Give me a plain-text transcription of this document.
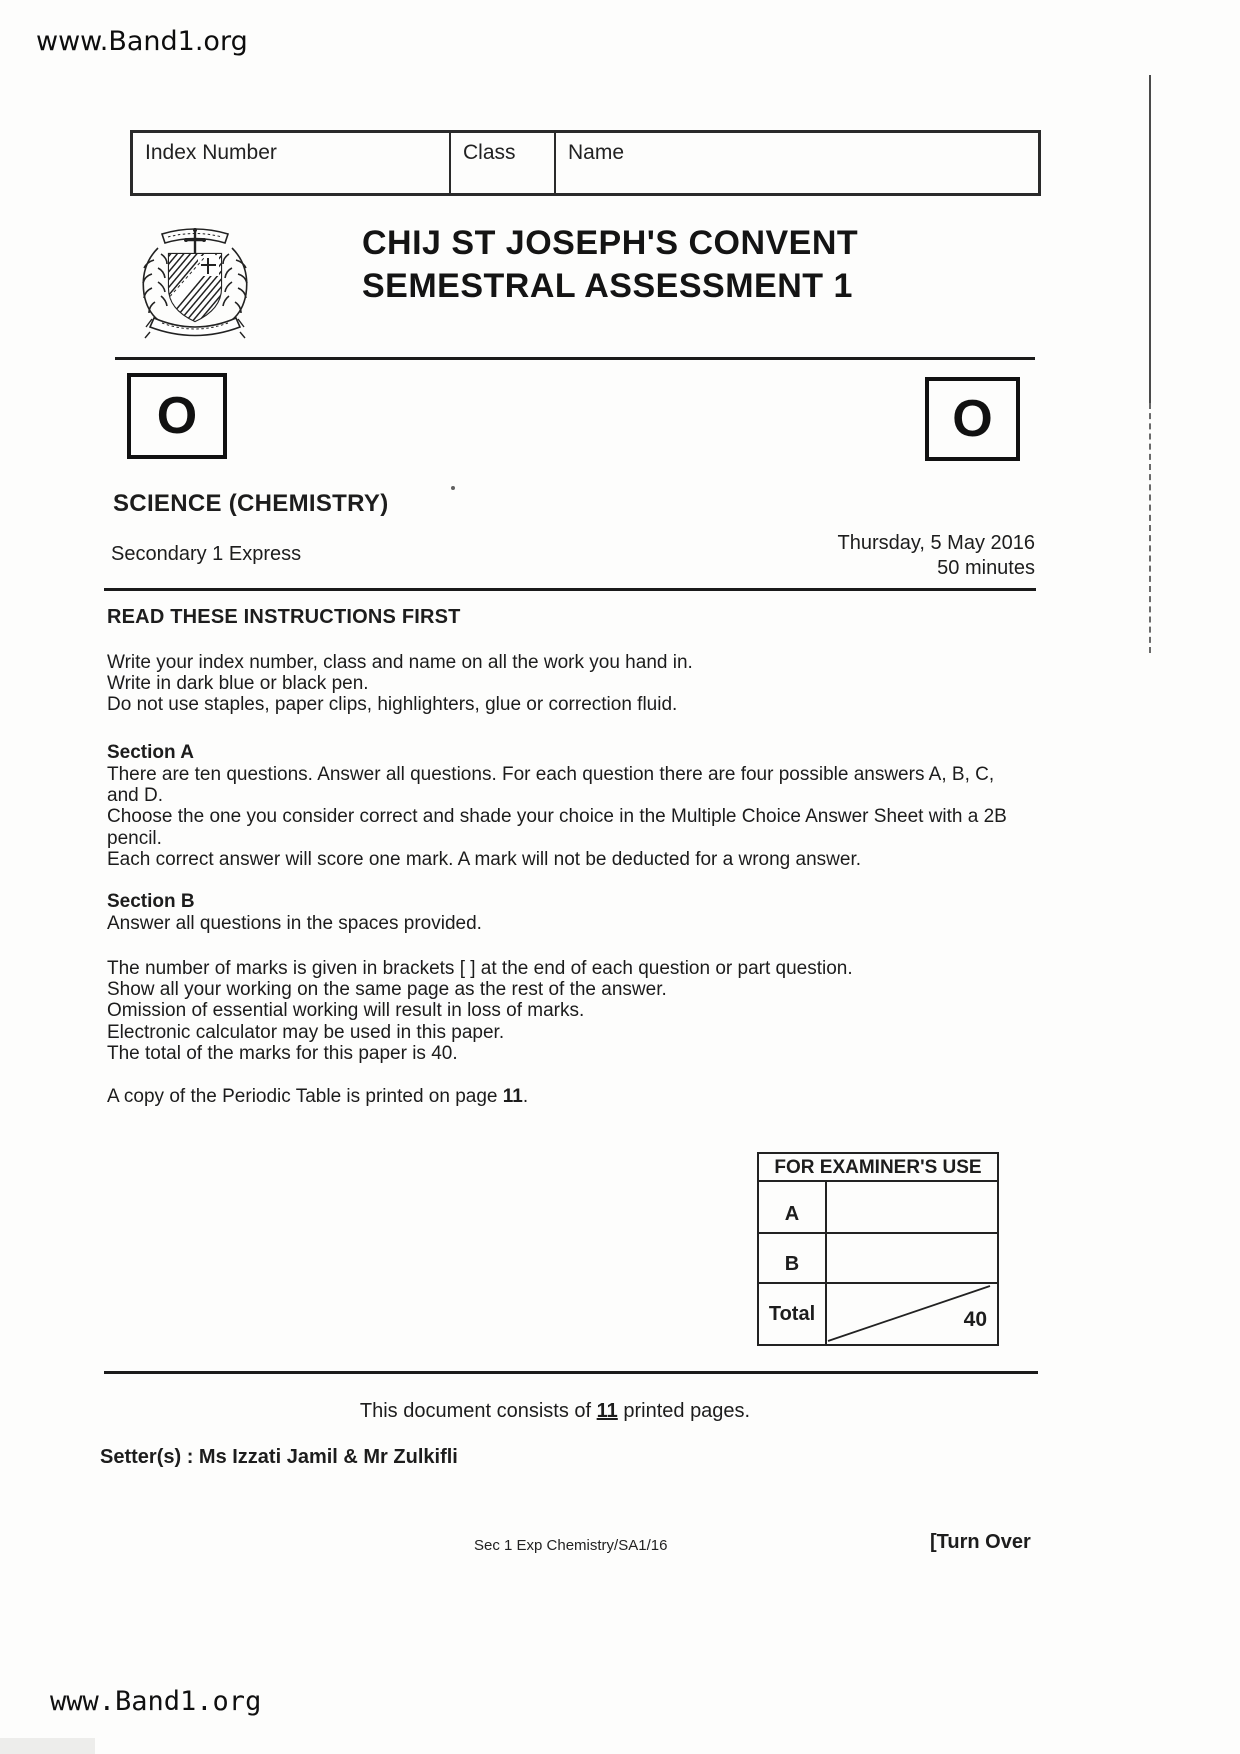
www.Band1.org
Index Number	Class	Name
CHIJ ST JOSEPH'S CONVENT
SEMESTRAL ASSESSMENT 1
O	O
SCIENCE (CHEMISTRY)
Secondary 1 Express	Thursday, 5 May 2016
50 minutes
READ THESE INSTRUCTIONS FIRST
Write your index number, class and name on all the work you hand in.
Write in dark blue or black pen.
Do not use staples, paper clips, highlighters, glue or correction fluid.
Section A
There are ten questions. Answer all questions. For each question there are four possible answers A, B, C,
and D.
Choose the one you consider correct and shade your choice in the Multiple Choice Answer Sheet with a 2B
pencil.
Each correct answer will score one mark. A mark will not be deducted for a wrong answer.
Section B
Answer all questions in the spaces provided.
The number of marks is given in brackets [ ] at the end of each question or part question.
Show all your working on the same page as the rest of the answer.
Omission of essential working will result in loss of marks.
Electronic calculator may be used in this paper.
The total of the marks for this paper is 40.
A copy of the Periodic Table is printed on page 11.
FOR EXAMINER'S USE
A
B
Total	40
This document consists of 11 printed pages.
Setter(s) : Ms Izzati Jamil & Mr Zulkifli
Sec 1 Exp Chemistry/SA1/16	[Turn Over
www.Band1.org
